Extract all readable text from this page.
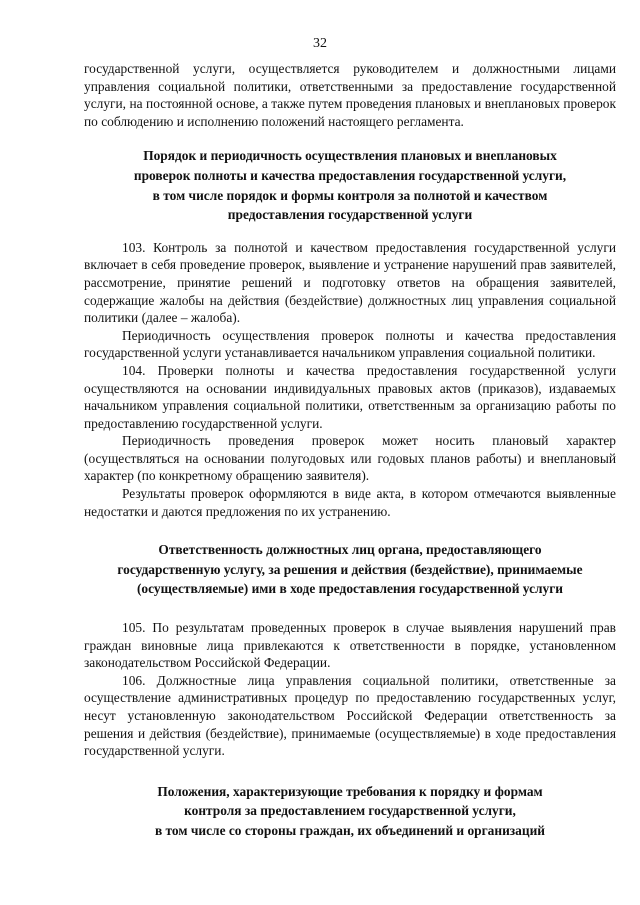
32

государственной услуги, осуществляется руководителем и должностными лицами управления социальной политики, ответственными за предоставление государственной услуги, на постоянной основе, а также путем проведения плановых и внеплановых проверок по соблюдению и исполнению положений настоящего регламента.

Порядок и периодичность осуществления плановых и внеплановых
проверок полноты и качества предоставления государственной услуги,
в том числе порядок и формы контроля за полнотой и качеством
предоставления государственной услуги

103. Контроль за полнотой и качеством предоставления государственной услуги включает в себя проведение проверок, выявление и устранение нарушений прав заявителей, рассмотрение, принятие решений и подготовку ответов на обращения заявителей, содержащие жалобы на действия (бездействие) должностных лиц управления социальной политики (далее – жалоба).

Периодичность осуществления проверок полноты и качества предоставления государственной услуги устанавливается начальником управления социальной политики.

104. Проверки полноты и качества предоставления государственной услуги осуществляются на основании индивидуальных правовых актов (приказов), издаваемых начальником управления социальной политики, ответственным за организацию работы по предоставлению государственной услуги.

Периодичность проведения проверок может носить плановый характер (осуществляться на основании полугодовых или годовых планов работы) и внеплановый характер (по конкретному обращению заявителя).

Результаты проверок оформляются в виде акта, в котором отмечаются выявленные недостатки и даются предложения по их устранению.

Ответственность должностных лиц органа, предоставляющего
государственную услугу, за решения и действия (бездействие), принимаемые
(осуществляемые) ими в ходе предоставления государственной услуги

105. По результатам проведенных проверок в случае выявления нарушений прав граждан виновные лица привлекаются к ответственности в порядке, установленном законодательством Российской Федерации.

106. Должностные лица управления социальной политики, ответственные за осуществление административных процедур по предоставлению государственных услуг, несут установленную законодательством Российской Федерации ответственность за решения и действия (бездействие), принимаемые (осуществляемые) в ходе предоставления государственной услуги.

Положения, характеризующие требования к порядку и формам
контроля за предоставлением государственной услуги,
в том числе со стороны граждан, их объединений и организаций
